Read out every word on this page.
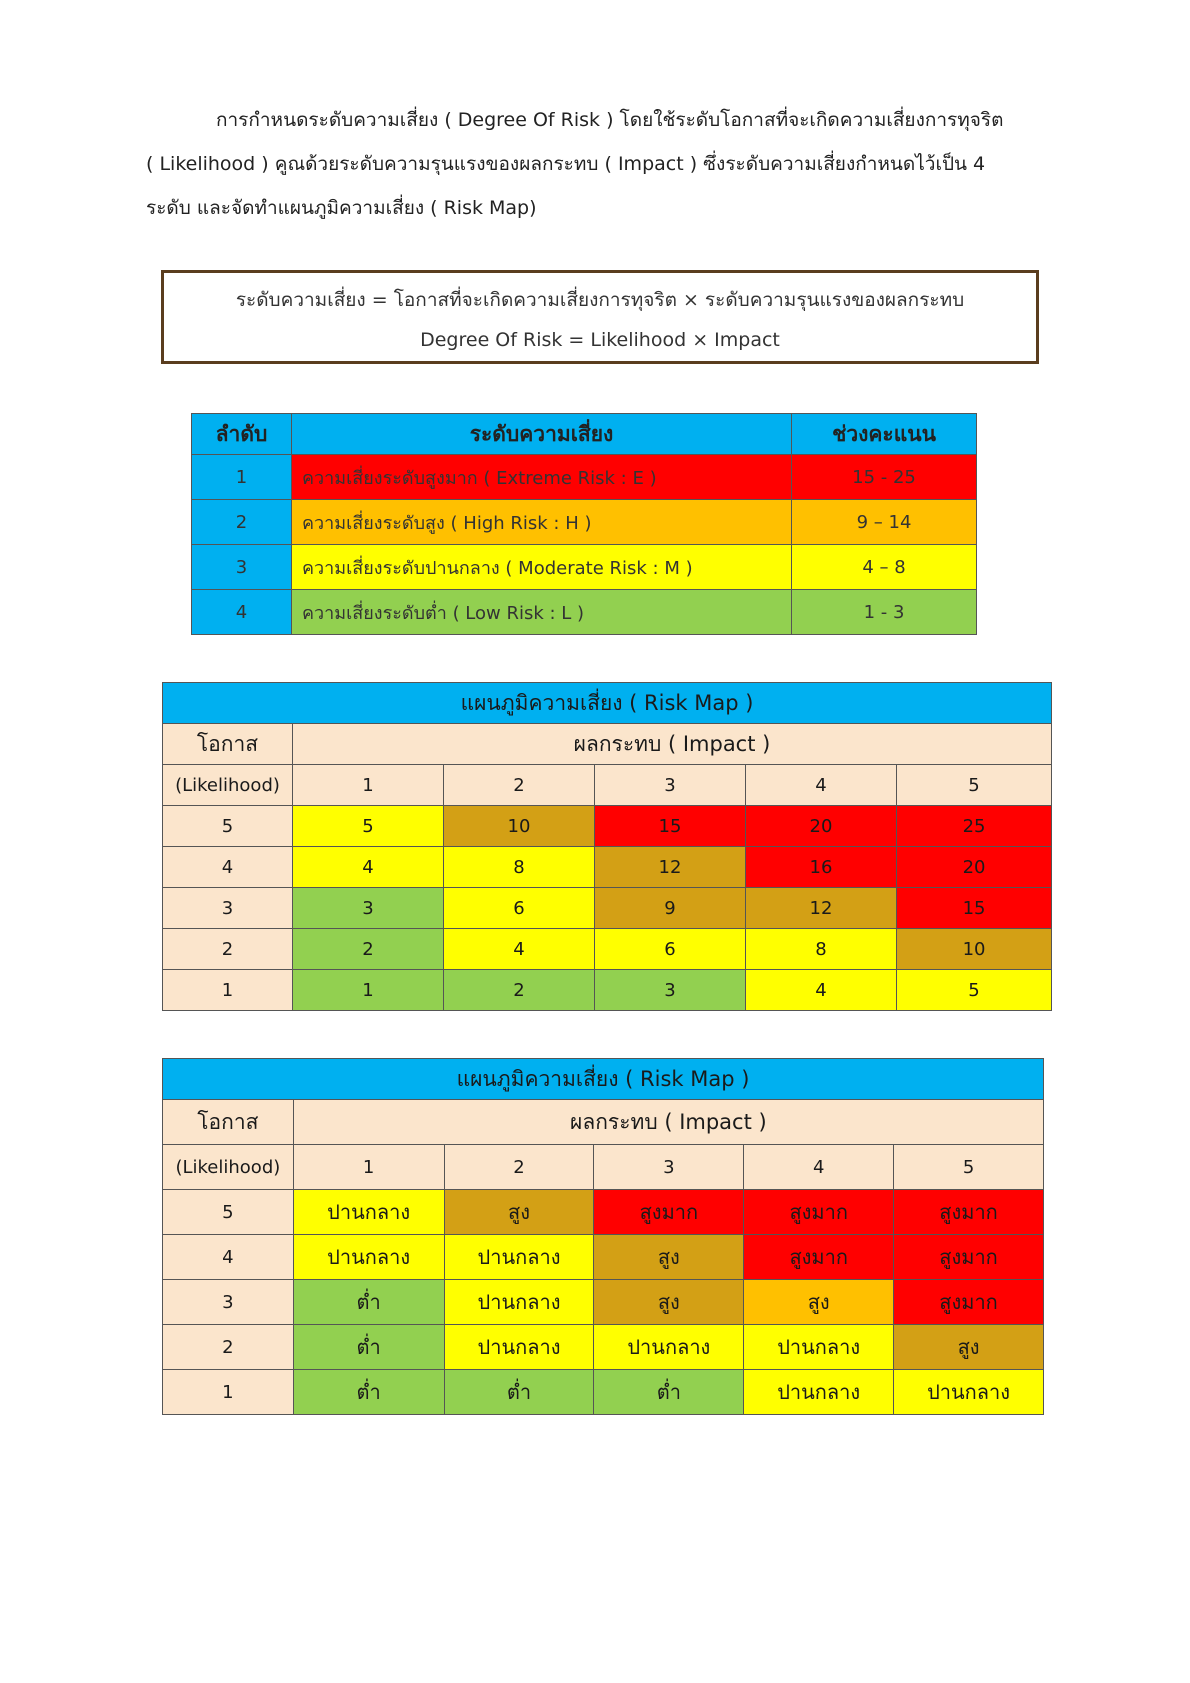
การกำหนดระดับความเสี่ยง ( Degree Of Risk ) โดยใช้ระดับโอกาสที่จะเกิดความเสี่ยงการทุจริต

( Likelihood ) คูณด้วยระดับความรุนแรงของผลกระทบ ( Impact ) ซึ่งระดับความเสี่ยงกำหนดไว้เป็น 4

ระดับ และจัดทำแผนภูมิความเสี่ยง ( Risk Map)

ระดับความเสี่ยง = โอกาสที่จะเกิดความเสี่ยงการทุจริต × ระดับความรุนแรงของผลกระทบ
Degree Of Risk = Likelihood × Impact
ลำดับ	ระดับความเสี่ยง	ช่วงคะแนน
1	ความเสี่ยงระดับสูงมาก ( Extreme Risk : E )	15 - 25
2	ความเสี่ยงระดับสูง ( High Risk : H )	9 – 14
3	ความเสี่ยงระดับปานกลาง ( Moderate Risk : M )	4 – 8
4	ความเสี่ยงระดับต่ำ ( Low Risk : L )	1 - 3
แผนภูมิความเสี่ยง ( Risk Map )					
โอกาส	ผลกระทบ ( Impact )				
(Likelihood)	1	2	3	4	5
5	5	10	15	20	25
4	4	8	12	16	20
3	3	6	9	12	15
2	2	4	6	8	10
1	1	2	3	4	5
แผนภูมิความเสี่ยง ( Risk Map )					
โอกาส	ผลกระทบ ( Impact )				
(Likelihood)	1	2	3	4	5
5	ปานกลาง	สูง	สูงมาก	สูงมาก	สูงมาก
4	ปานกลาง	ปานกลาง	สูง	สูงมาก	สูงมาก
3	ต่ำ	ปานกลาง	สูง	สูง	สูงมาก
2	ต่ำ	ปานกลาง	ปานกลาง	ปานกลาง	สูง
1	ต่ำ	ต่ำ	ต่ำ	ปานกลาง	ปานกลาง
